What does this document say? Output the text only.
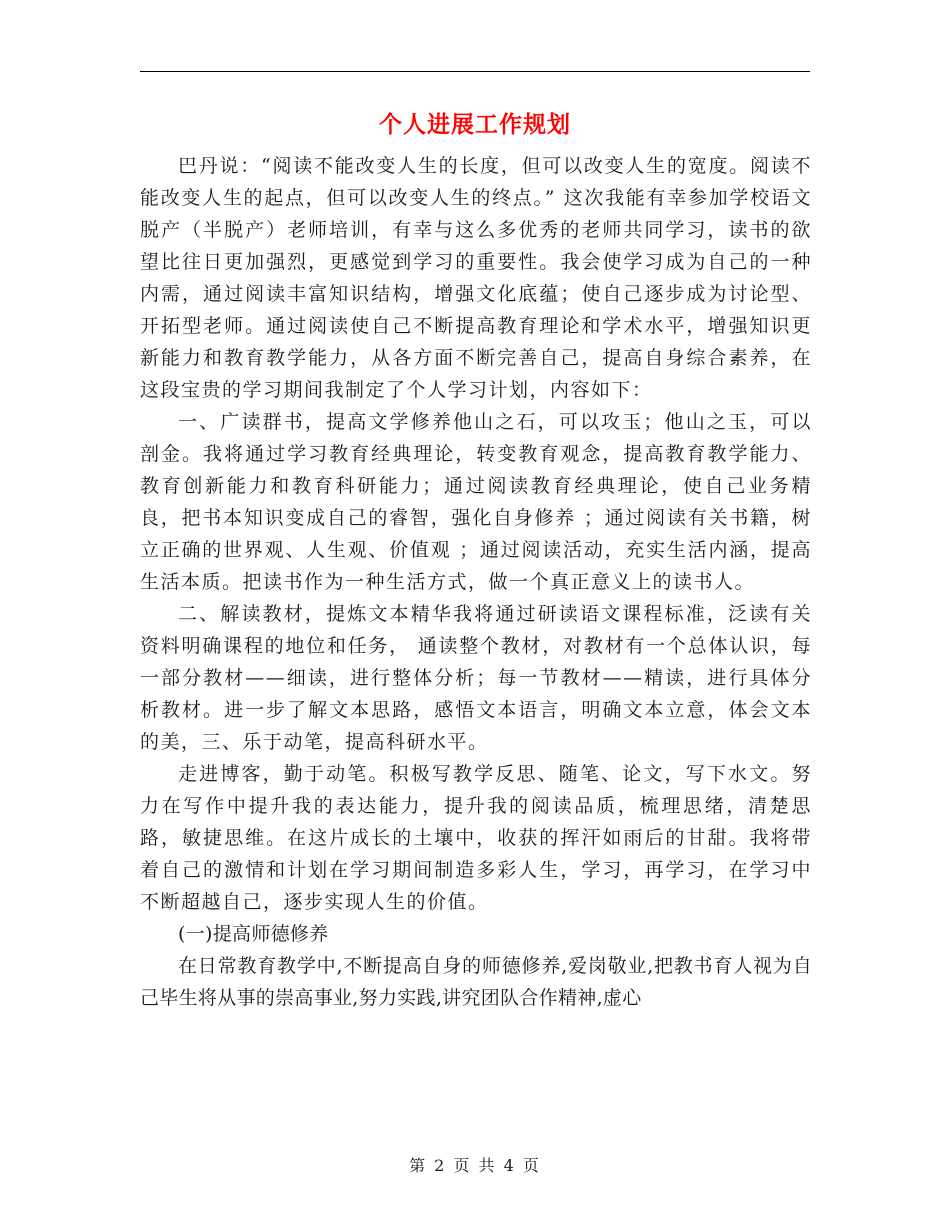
个人进展工作规划

巴丹说：“阅读不能改变人生的长度，但可以改变人生的宽度。阅读不能改变人生的起点，但可以改变人生的终点。” 这次我能有幸参加学校语文脱产（半脱产）老师培训，有幸与这么多优秀的老师共同学习，读书的欲望比往日更加强烈，更感觉到学习的重要性。我会使学习成为自己的一种内需，通过阅读丰富知识结构，增强文化底蕴；使自己逐步成为讨论型、开拓型老师。通过阅读使自己不断提高教育理论和学术水平，增强知识更新能力和教育教学能力，从各方面不断完善自己，提高自身综合素养，在这段宝贵的学习期间我制定了个人学习计划，内容如下：

一、广读群书，提高文学修养他山之石，可以攻玉；他山之玉，可以剖金。我将通过学习教育经典理论，转变教育观念，提高教育教学能力、教育创新能力和教育科研能力；通过阅读教育经典理论，使自己业务精良，把书本知识变成自己的睿智，强化自身修养 ；通过阅读有关书籍，树立正确的世界观、人生观、价值观 ；通过阅读活动，充实生活内涵，提高生活本质。把读书作为一种生活方式，做一个真正意义上的读书人。

二、解读教材，提炼文本精华我将通过研读语文课程标准，泛读有关资料明确课程的地位和任务， 通读整个教材，对教材有一个总体认识，每一部分教材——细读，进行整体分析；每一节教材——精读，进行具体分析教材。进一步了解文本思路，感悟文本语言，明确文本立意，体会文本的美，三、乐于动笔，提高科研水平。

走进博客，勤于动笔。积极写教学反思、随笔、论文，写下水文。努力在写作中提升我的表达能力，提升我的阅读品质，梳理思绪，清楚思路，敏捷思维。在这片成长的土壤中，收获的挥汗如雨后的甘甜。我将带着自己的激情和计划在学习期间制造多彩人生，学习，再学习，在学习中不断超越自己，逐步实现人生的价值。

(一)提高师德修养

在日常教育教学中,不断提高自身的师德修养,爱岗敬业,把教书育人视为自己毕生将从事的崇高事业,努力实践,讲究团队合作精神,虚心

第 2 页 共 4 页
